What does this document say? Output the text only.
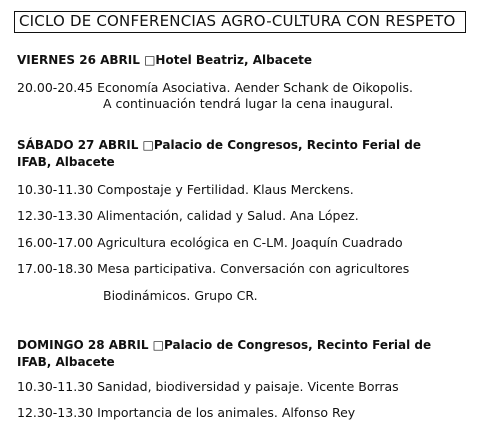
CICLO DE CONFERENCIAS AGRO-CULTURA CON RESPETO
VIERNES 26 ABRIL □Hotel Beatriz, Albacete
20.00-20.45 Economía Asociativa. Aender Schank de Oikopolis.
A continuación tendrá lugar la cena inaugural.
SÁBADO 27 ABRIL □Palacio de Congresos, Recinto Ferial de IFAB, Albacete
10.30-11.30 Compostaje y Fertilidad. Klaus Merckens.
12.30-13.30 Alimentación, calidad y Salud. Ana López.
16.00-17.00 Agricultura ecológica en C-LM. Joaquín Cuadrado
17.00-18.30 Mesa participativa. Conversación con agricultores
Biodinámicos. Grupo CR.
DOMINGO 28 ABRIL □Palacio de Congresos, Recinto Ferial de IFAB, Albacete
10.30-11.30 Sanidad, biodiversidad y paisaje. Vicente Borras
12.30-13.30 Importancia de los animales. Alfonso Rey
